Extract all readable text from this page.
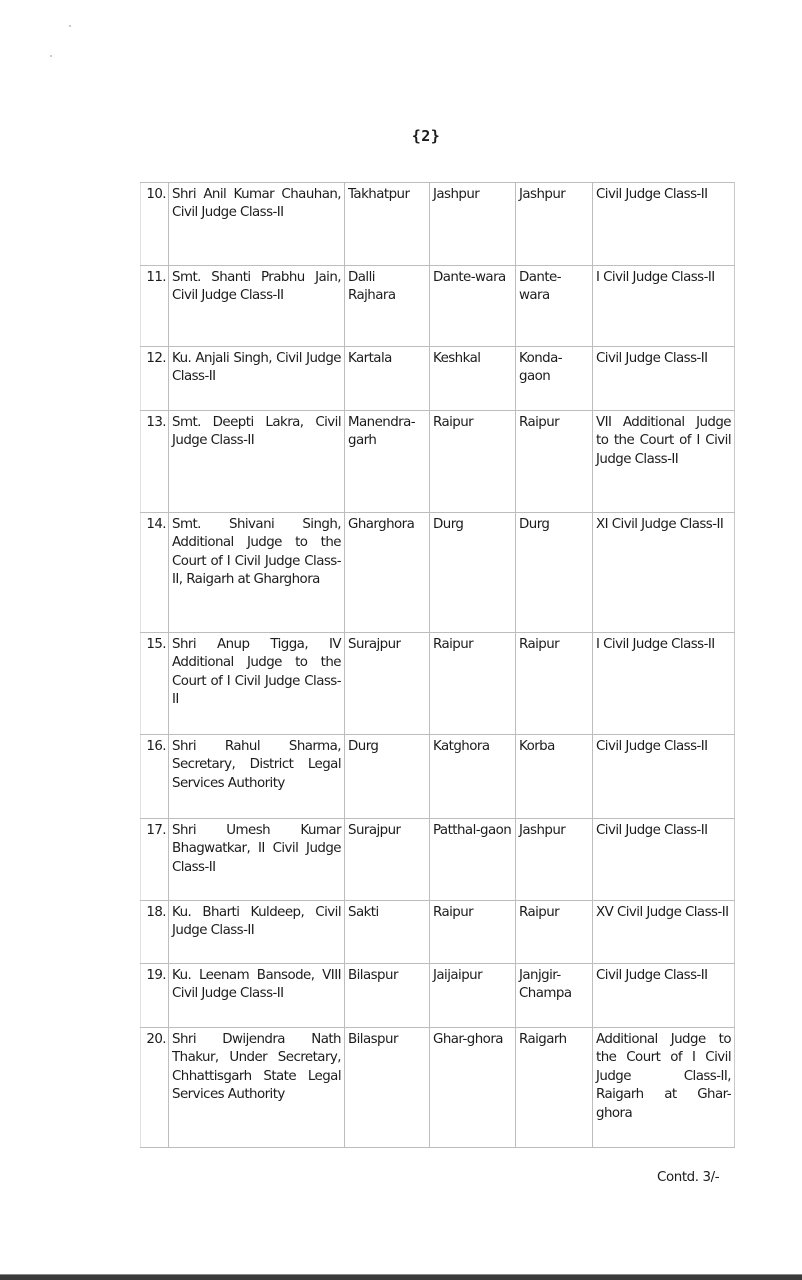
{2}
10.	Shri Anil Kumar Chauhan, Civil Judge Class-II	Takhatpur	Jashpur	Jashpur	Civil Judge Class-II
11.	Smt. Shanti Prabhu Jain, Civil Judge Class-II	Dalli Rajhara	Dante-wara	Dante-wara	I Civil Judge Class-II
12.	Ku. Anjali Singh, Civil Judge Class-II	Kartala	Keshkal	Konda-gaon	Civil Judge Class-II
13.	Smt. Deepti Lakra, Civil Judge Class-II	Manendra-garh	Raipur	Raipur	VII Additional Judge to the Court of I Civil Judge Class-II
14.	Smt. Shivani Singh, Additional Judge to the Court of I Civil Judge Class-II, Raigarh at Gharghora	Gharghora	Durg	Durg	XI Civil Judge Class-II
15.	Shri Anup Tigga, IV Additional Judge to the Court of I Civil Judge Class-II	Surajpur	Raipur	Raipur	I Civil Judge Class-II
16.	Shri Rahul Sharma, Secretary, District Legal Services Authority	Durg	Katghora	Korba	Civil Judge Class-II
17.	Shri Umesh Kumar Bhagwatkar, II Civil Judge Class-II	Surajpur	Patthal-gaon	Jashpur	Civil Judge Class-II
18.	Ku. Bharti Kuldeep, Civil Judge Class-II	Sakti	Raipur	Raipur	XV Civil Judge Class-II
19.	Ku. Leenam Bansode, VIII Civil Judge Class-II	Bilaspur	Jaijaipur	Janjgir-Champa	Civil Judge Class-II
20.	Shri Dwijendra Nath Thakur, Under Secretary, Chhattisgarh State Legal Services Authority	Bilaspur	Ghar-ghora	Raigarh	Additional Judge to the Court of I Civil Judge Class-II, Raigarh at Ghar-ghora
Contd. 3/-
